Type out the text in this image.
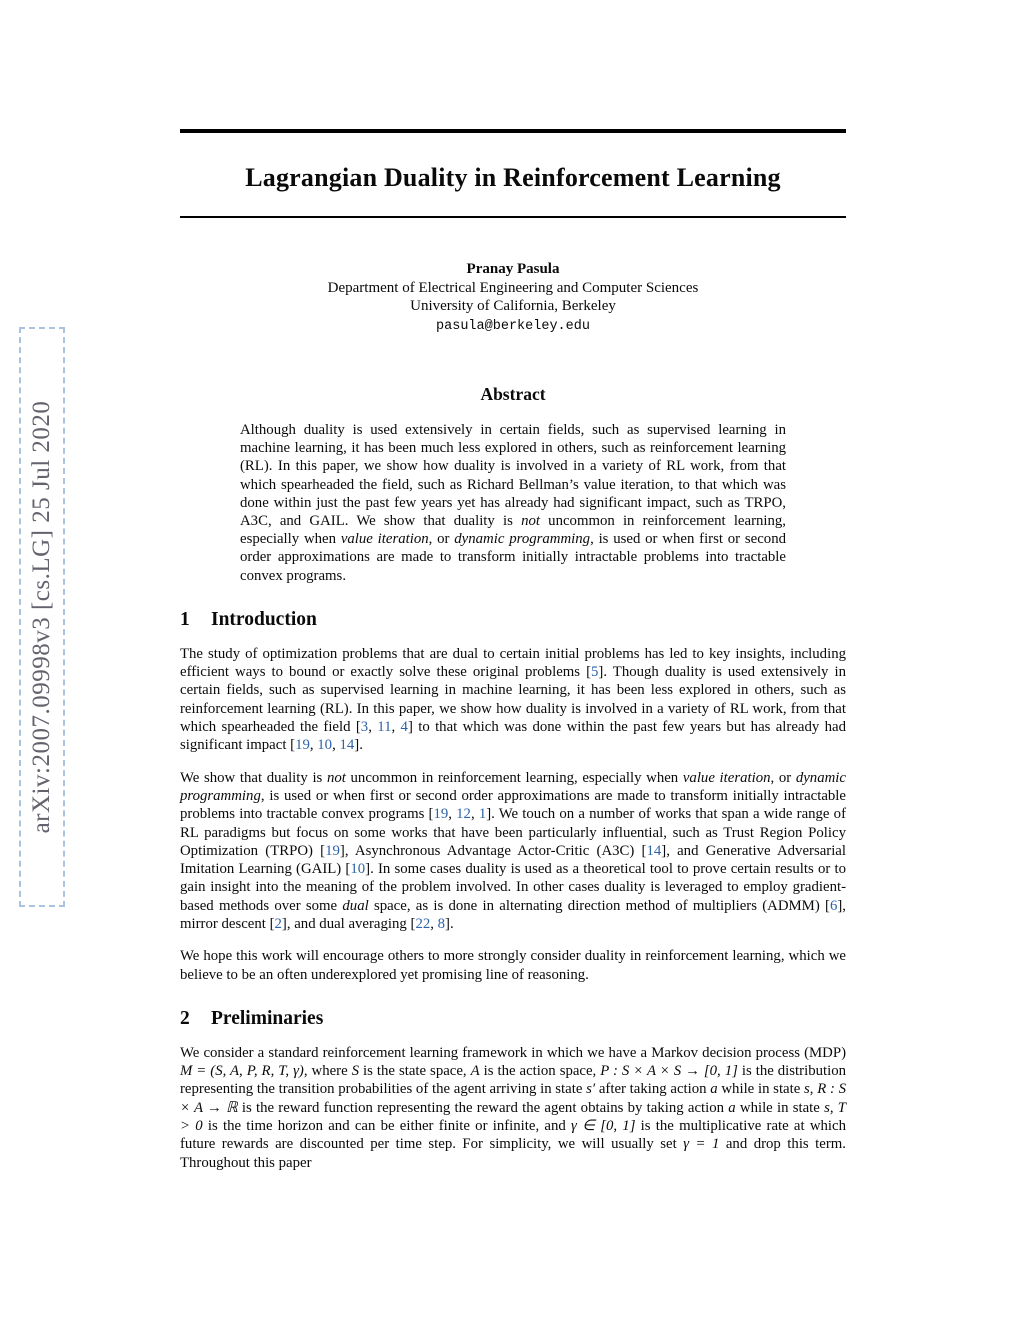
arXiv:2007.09998v3 [cs.LG] 25 Jul 2020
Lagrangian Duality in Reinforcement Learning
Pranay Pasula
Department of Electrical Engineering and Computer Sciences
University of California, Berkeley
pasula@berkeley.edu
Abstract

Although duality is used extensively in certain fields, such as supervised learning in machine learning, it has been much less explored in others, such as reinforcement learning (RL). In this paper, we show how duality is involved in a variety of RL work, from that which spearheaded the field, such as Richard Bellman’s value iteration, to that which was done within just the past few years yet has already had significant impact, such as TRPO, A3C, and GAIL. We show that duality is not uncommon in reinforcement learning, especially when value iteration, or dynamic programming, is used or when first or second order approximations are made to transform initially intractable problems into tractable convex programs.

1 Introduction

The study of optimization problems that are dual to certain initial problems has led to key insights, including efficient ways to bound or exactly solve these original problems [5]. Though duality is used extensively in certain fields, such as supervised learning in machine learning, it has been less explored in others, such as reinforcement learning (RL). In this paper, we show how duality is involved in a variety of RL work, from that which spearheaded the field [3, 11, 4] to that which was done within the past few years but has already had significant impact [19, 10, 14].

We show that duality is not uncommon in reinforcement learning, especially when value iteration, or dynamic programming, is used or when first or second order approximations are made to transform initially intractable problems into tractable convex programs [19, 12, 1]. We touch on a number of works that span a wide range of RL paradigms but focus on some works that have been particularly influential, such as Trust Region Policy Optimization (TRPO) [19], Asynchronous Advantage Actor-Critic (A3C) [14], and Generative Adversarial Imitation Learning (GAIL) [10]. In some cases duality is used as a theoretical tool to prove certain results or to gain insight into the meaning of the problem involved. In other cases duality is leveraged to employ gradient-based methods over some dual space, as is done in alternating direction method of multipliers (ADMM) [6], mirror descent [2], and dual averaging [22, 8].

We hope this work will encourage others to more strongly consider duality in reinforcement learning, which we believe to be an often underexplored yet promising line of reasoning.

2 Preliminaries

We consider a standard reinforcement learning framework in which we have a Markov decision process (MDP) M = (S, A, P, R, T, γ), where S is the state space, A is the action space, P : S × A × S → [0, 1] is the distribution representing the transition probabilities of the agent arriving in state s′ after taking action a while in state s, R : S × A → ℝ is the reward function representing the reward the agent obtains by taking action a while in state s, T > 0 is the time horizon and can be either finite or infinite, and γ ∈ [0, 1] is the multiplicative rate at which future rewards are discounted per time step. For simplicity, we will usually set γ = 1 and drop this term. Throughout this paper
